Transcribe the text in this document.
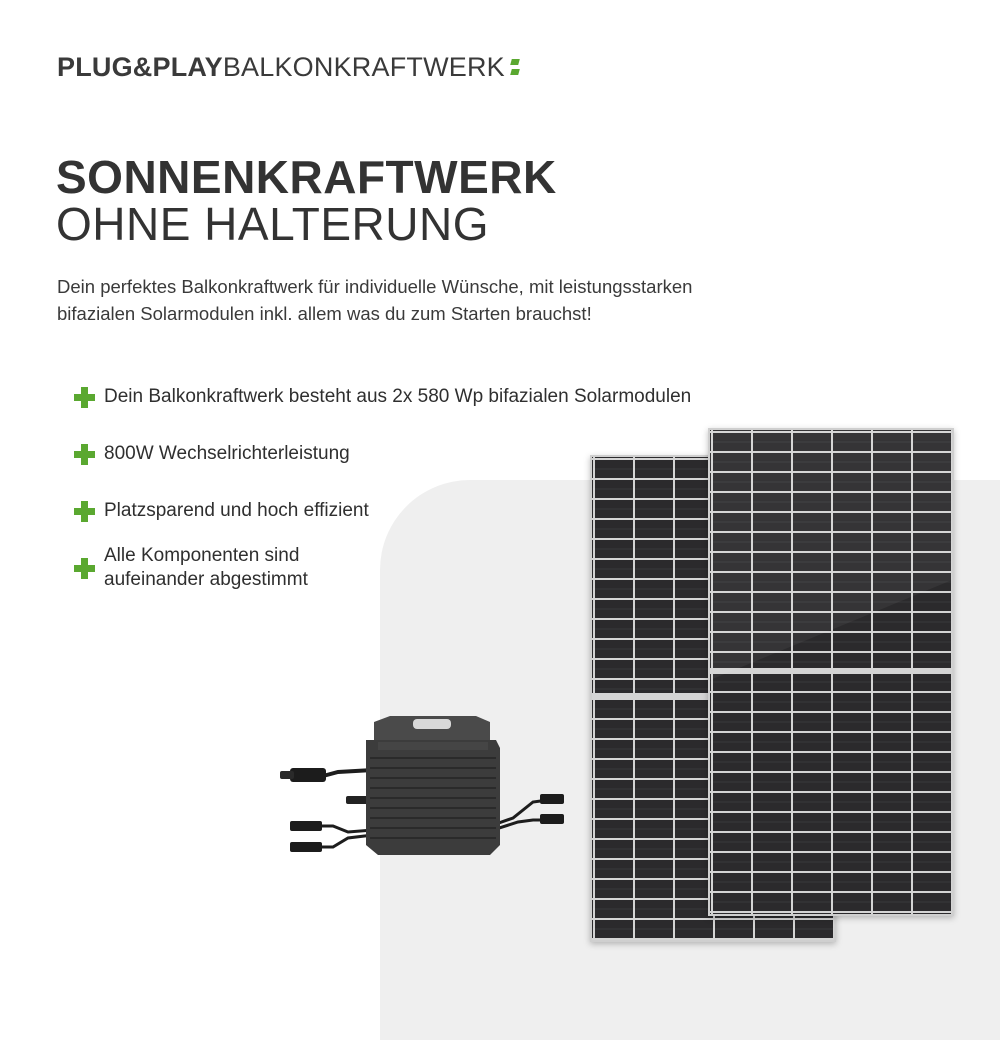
PLUG&PLAYBALKONKRAFTWERK
SONNENKRAFTWERK
OHNE HALTERUNG
Dein perfektes Balkonkraftwerk für individuelle Wünsche, mit leistungsstarken bifazialen Solarmodulen inkl. allem was du zum Starten brauchst!
Dein Balkonkraftwerk besteht aus 2x 580 Wp bifazialen Solarmodulen
800W Wechselrichterleistung
Platzsparend und hoch effizient
Alle Komponenten sind aufeinander abgestimmt
